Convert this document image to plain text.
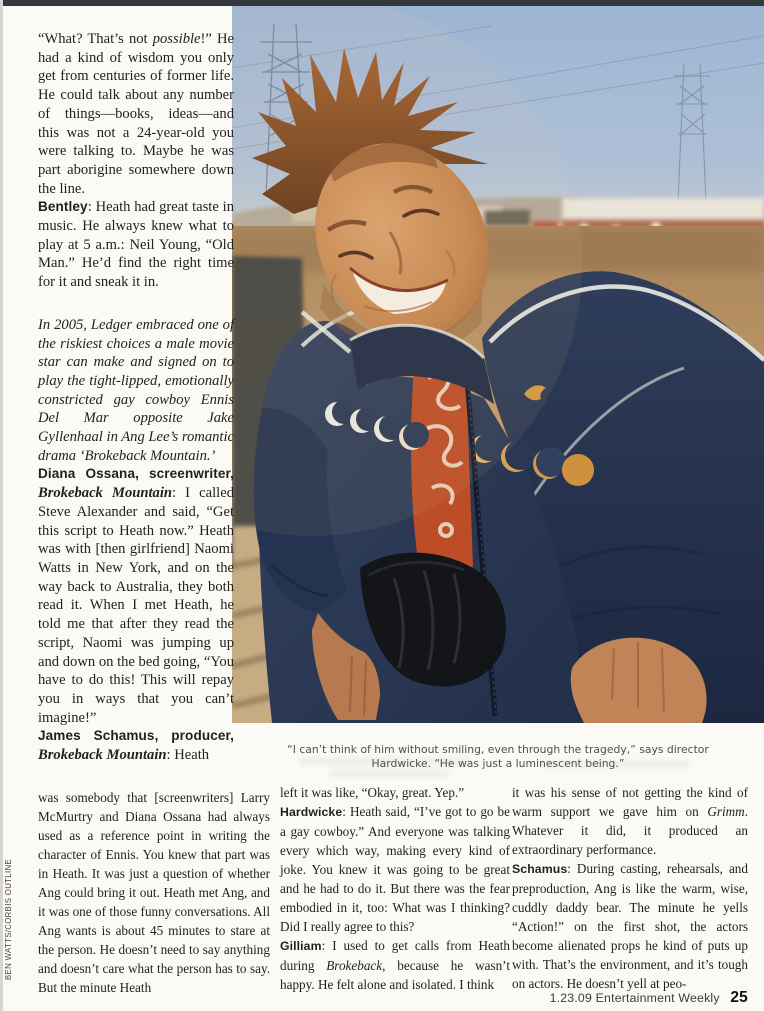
“I can’t think of him without smiling, even through the tragedy,” says director Hardwicke. “He was just a luminescent being.”

“What? That’s not possible!” He had a kind of wisdom you only get from centuries of former life. He could talk about any number of things—books, ideas—and this was not a 24-year-old you were talking to. Maybe he was part aborigine somewhere down the line.

Bentley: Heath had great taste in music. He always knew what to play at 5 a.m.: Neil Young, “Old Man.” He’d find the right time for it and sneak it in.

In 2005, Ledger embraced one of the riskiest choices a male movie star can make and signed on to play the tight-lipped, emotionally constricted gay cowboy Ennis Del Mar opposite Jake Gyllenhaal in Ang Lee’s romantic drama ‘Brokeback Mountain.’

Diana Ossana, screenwriter, Brokeback Mountain: I called Steve Alexander and said, “Get this script to Heath now.” Heath was with [then girlfriend] Naomi Watts in New York, and on the way back to Australia, they both read it. When I met Heath, he told me that after they read the script, Naomi was jumping up and down on the bed going, “You have to do this! This will repay you in ways that you can’t imagine!”

James Schamus, producer, Brokeback Mountain: Heath

was somebody that [screenwriters] Larry McMurtry and Diana Ossana had always used as a reference point in writing the character of Ennis. You knew that part was in Heath. It was just a question of whether Ang could bring it out. Heath met Ang, and it was one of those funny conversations. All Ang wants is about 45 minutes to stare at the person. He doesn’t need to say anything and doesn’t care what the person has to say. But the minute Heath

left it was like, “Okay, great. Yep.”

Hardwicke: Heath said, “I’ve got to go be a gay cowboy.” And everyone was talking every which way, making every kind of joke. You knew it was going to be great and he had to do it. But there was the fear embodied in it, too: What was I thinking? Did I really agree to this?

Gilliam: I used to get calls from Heath during Brokeback, because he wasn’t happy. He felt alone and isolated. I think

it was his sense of not getting the kind of warm support we gave him on Grimm. Whatever it did, it produced an extraordinary performance.

Schamus: During casting, rehearsals, and preproduction, Ang is like the warm, wise, cuddly daddy bear. The minute he yells “Action!” on the first shot, the actors become alienated props he kind of puts up with. That’s the environment, and it’s tough on actors. He doesn’t yell at peo-

BEN WATTS/CORBIS OUTLINE
1.23.09 Entertainment Weekly 25
